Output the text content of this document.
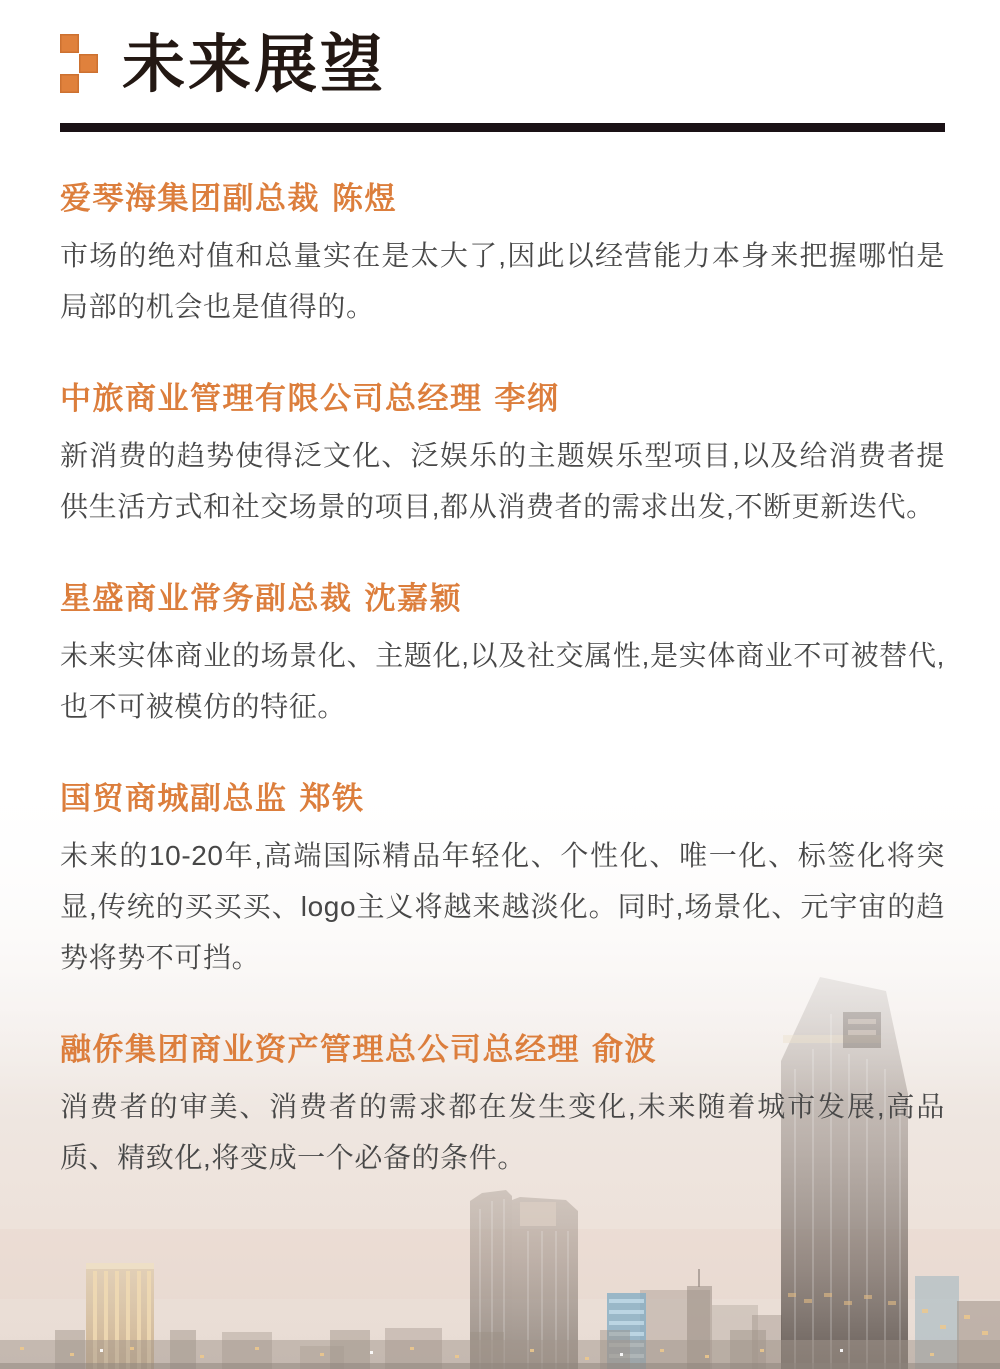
未来展望
爱琴海集团副总裁 陈煜

市场的绝对值和总量实在是太大了,因此以经营能力本身来把握哪怕是局部的机会也是值得的。

中旅商业管理有限公司总经理 李纲

新消费的趋势使得泛文化、泛娱乐的主题娱乐型项目,以及给消费者提供生活方式和社交场景的项目,都从消费者的需求出发,不断更新迭代。

星盛商业常务副总裁 沈嘉颖

未来实体商业的场景化、主题化,以及社交属性,是实体商业不可被替代,也不可被模仿的特征。

国贸商城副总监 郑铁

未来的10-20年,高端国际精品年轻化、个性化、唯一化、标签化将突显,传统的买买买、logo主义将越来越淡化。同时,场景化、元宇宙的趋势将势不可挡。

融侨集团商业资产管理总公司总经理 俞波

消费者的审美、消费者的需求都在发生变化,未来随着城市发展,高品质、精致化,将变成一个必备的条件。
